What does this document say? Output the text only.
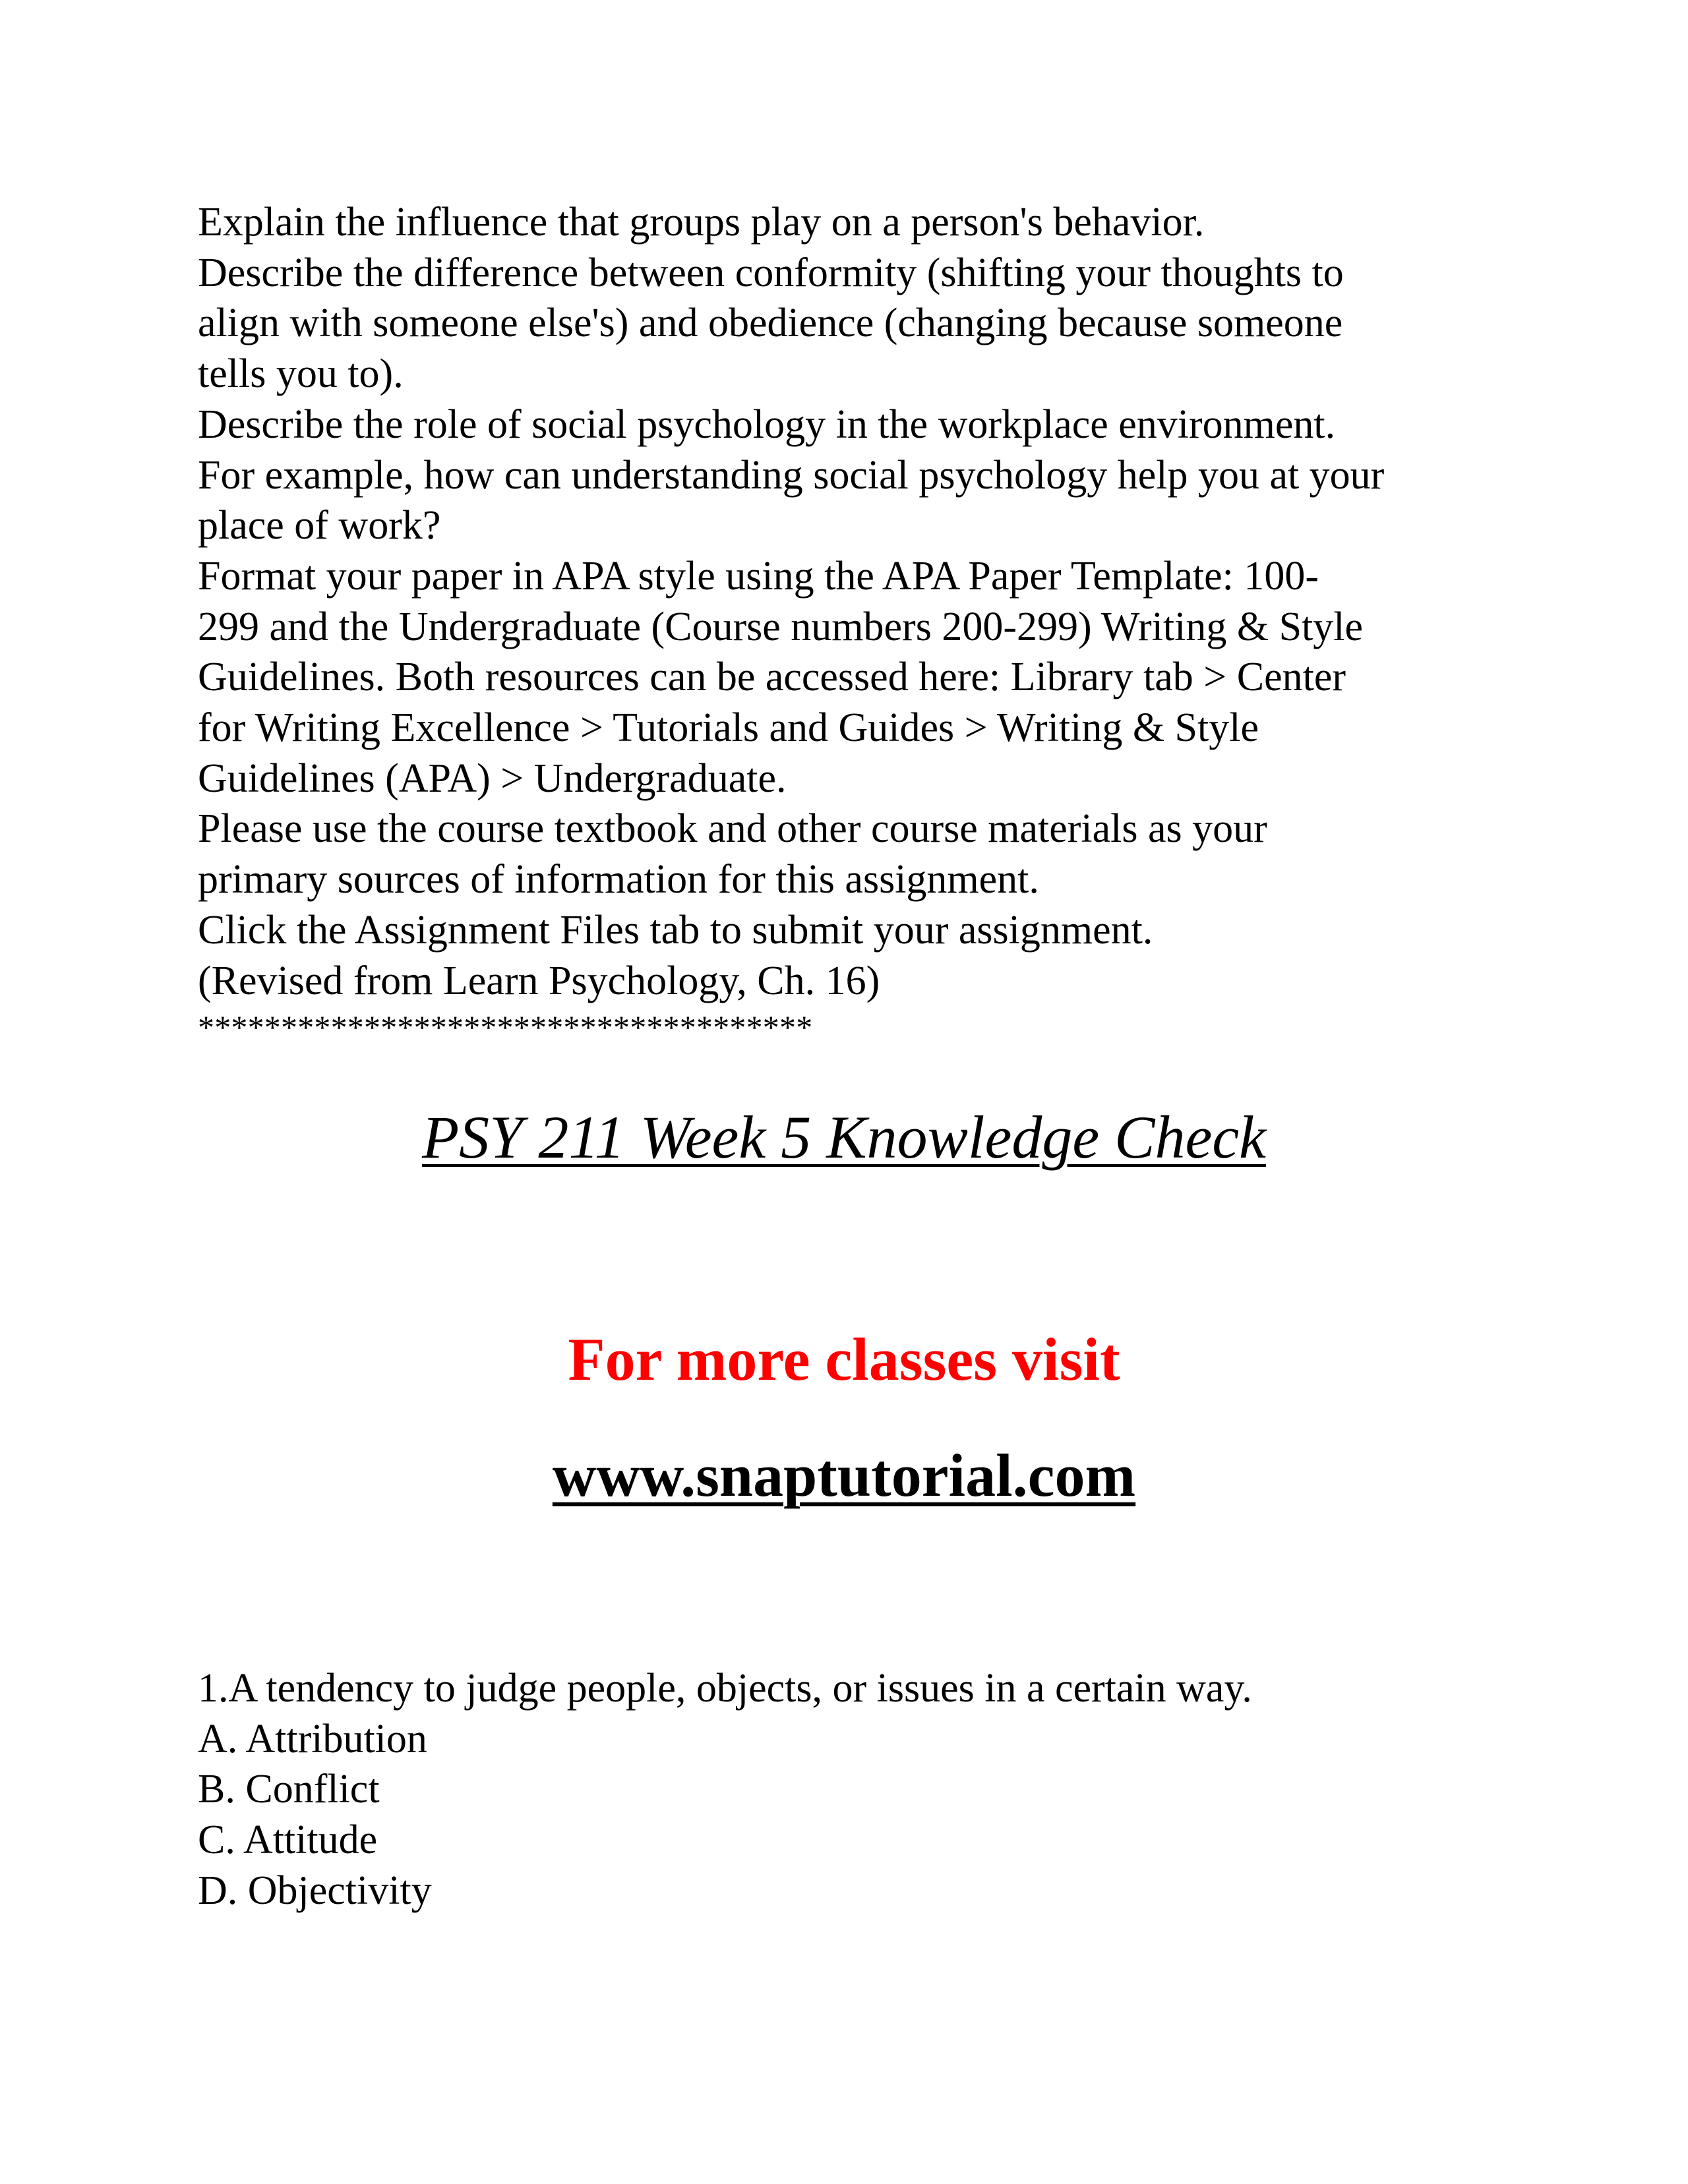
Explain the influence that groups play on a person's behavior.
Describe the difference between conformity (shifting your thoughts to
align with someone else's) and obedience (changing because someone
tells you to).
Describe the role of social psychology in the workplace environment.
For example, how can understanding social psychology help you at your
place of work?
Format your paper in APA style using the APA Paper Template: 100-
299 and the Undergraduate (Course numbers 200-299) Writing & Style
Guidelines. Both resources can be accessed here: Library tab > Center
for Writing Excellence > Tutorials and Guides > Writing & Style
Guidelines (APA) > Undergraduate.
Please use the course textbook and other course materials as your
primary sources of information for this assignment.
Click the Assignment Files tab to submit your assignment.
(Revised from Learn Psychology, Ch. 16)
*************************************
PSY 211 Week 5 Knowledge Check

For more classes visit

www.snaptutorial.com
1.A tendency to judge people, objects, or issues in a certain way.
A. Attribution
B. Conflict
C. Attitude
D. Objectivity
